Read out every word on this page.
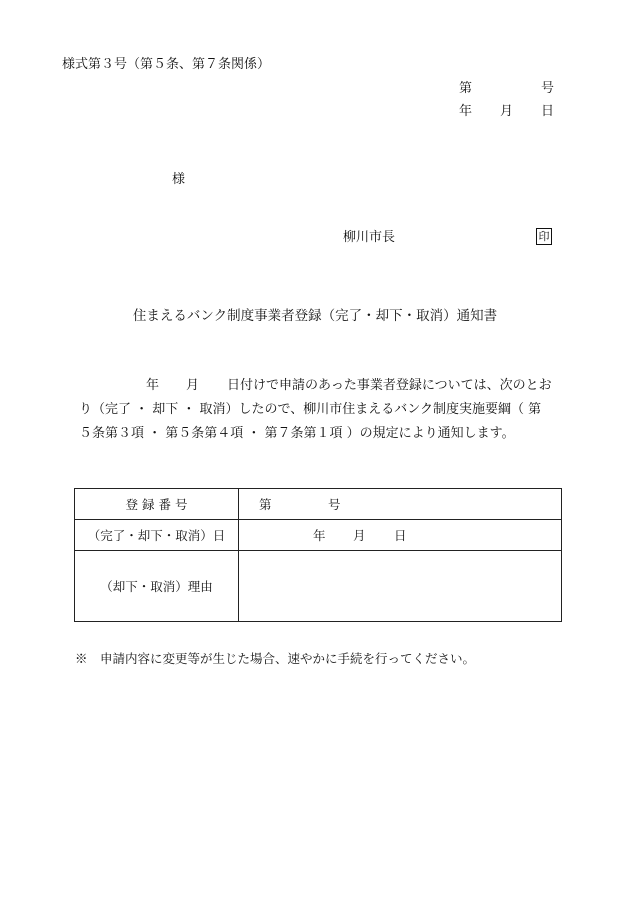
様式第３号（第５条、第７条関係）
第	号
年 月 日
様
柳川市長	印
住まえるバンク制度事業者登録（完了・却下・取消）通知書
年 月 日付けで申請のあった事業者登録については、次のとお
り（完了 ・ 却下 ・ 取消）したので、柳川市住まえるバンク制度実施要綱（ 第
５条第３項 ・ 第５条第４項 ・ 第７条第１項 ）の規定により通知します。
登 録 番 号	第 号

（完了・却下・取消）日	年 月 日

（却下・取消）理由	
※　申請内容に変更等が生じた場合、速やかに手続を行ってください。
